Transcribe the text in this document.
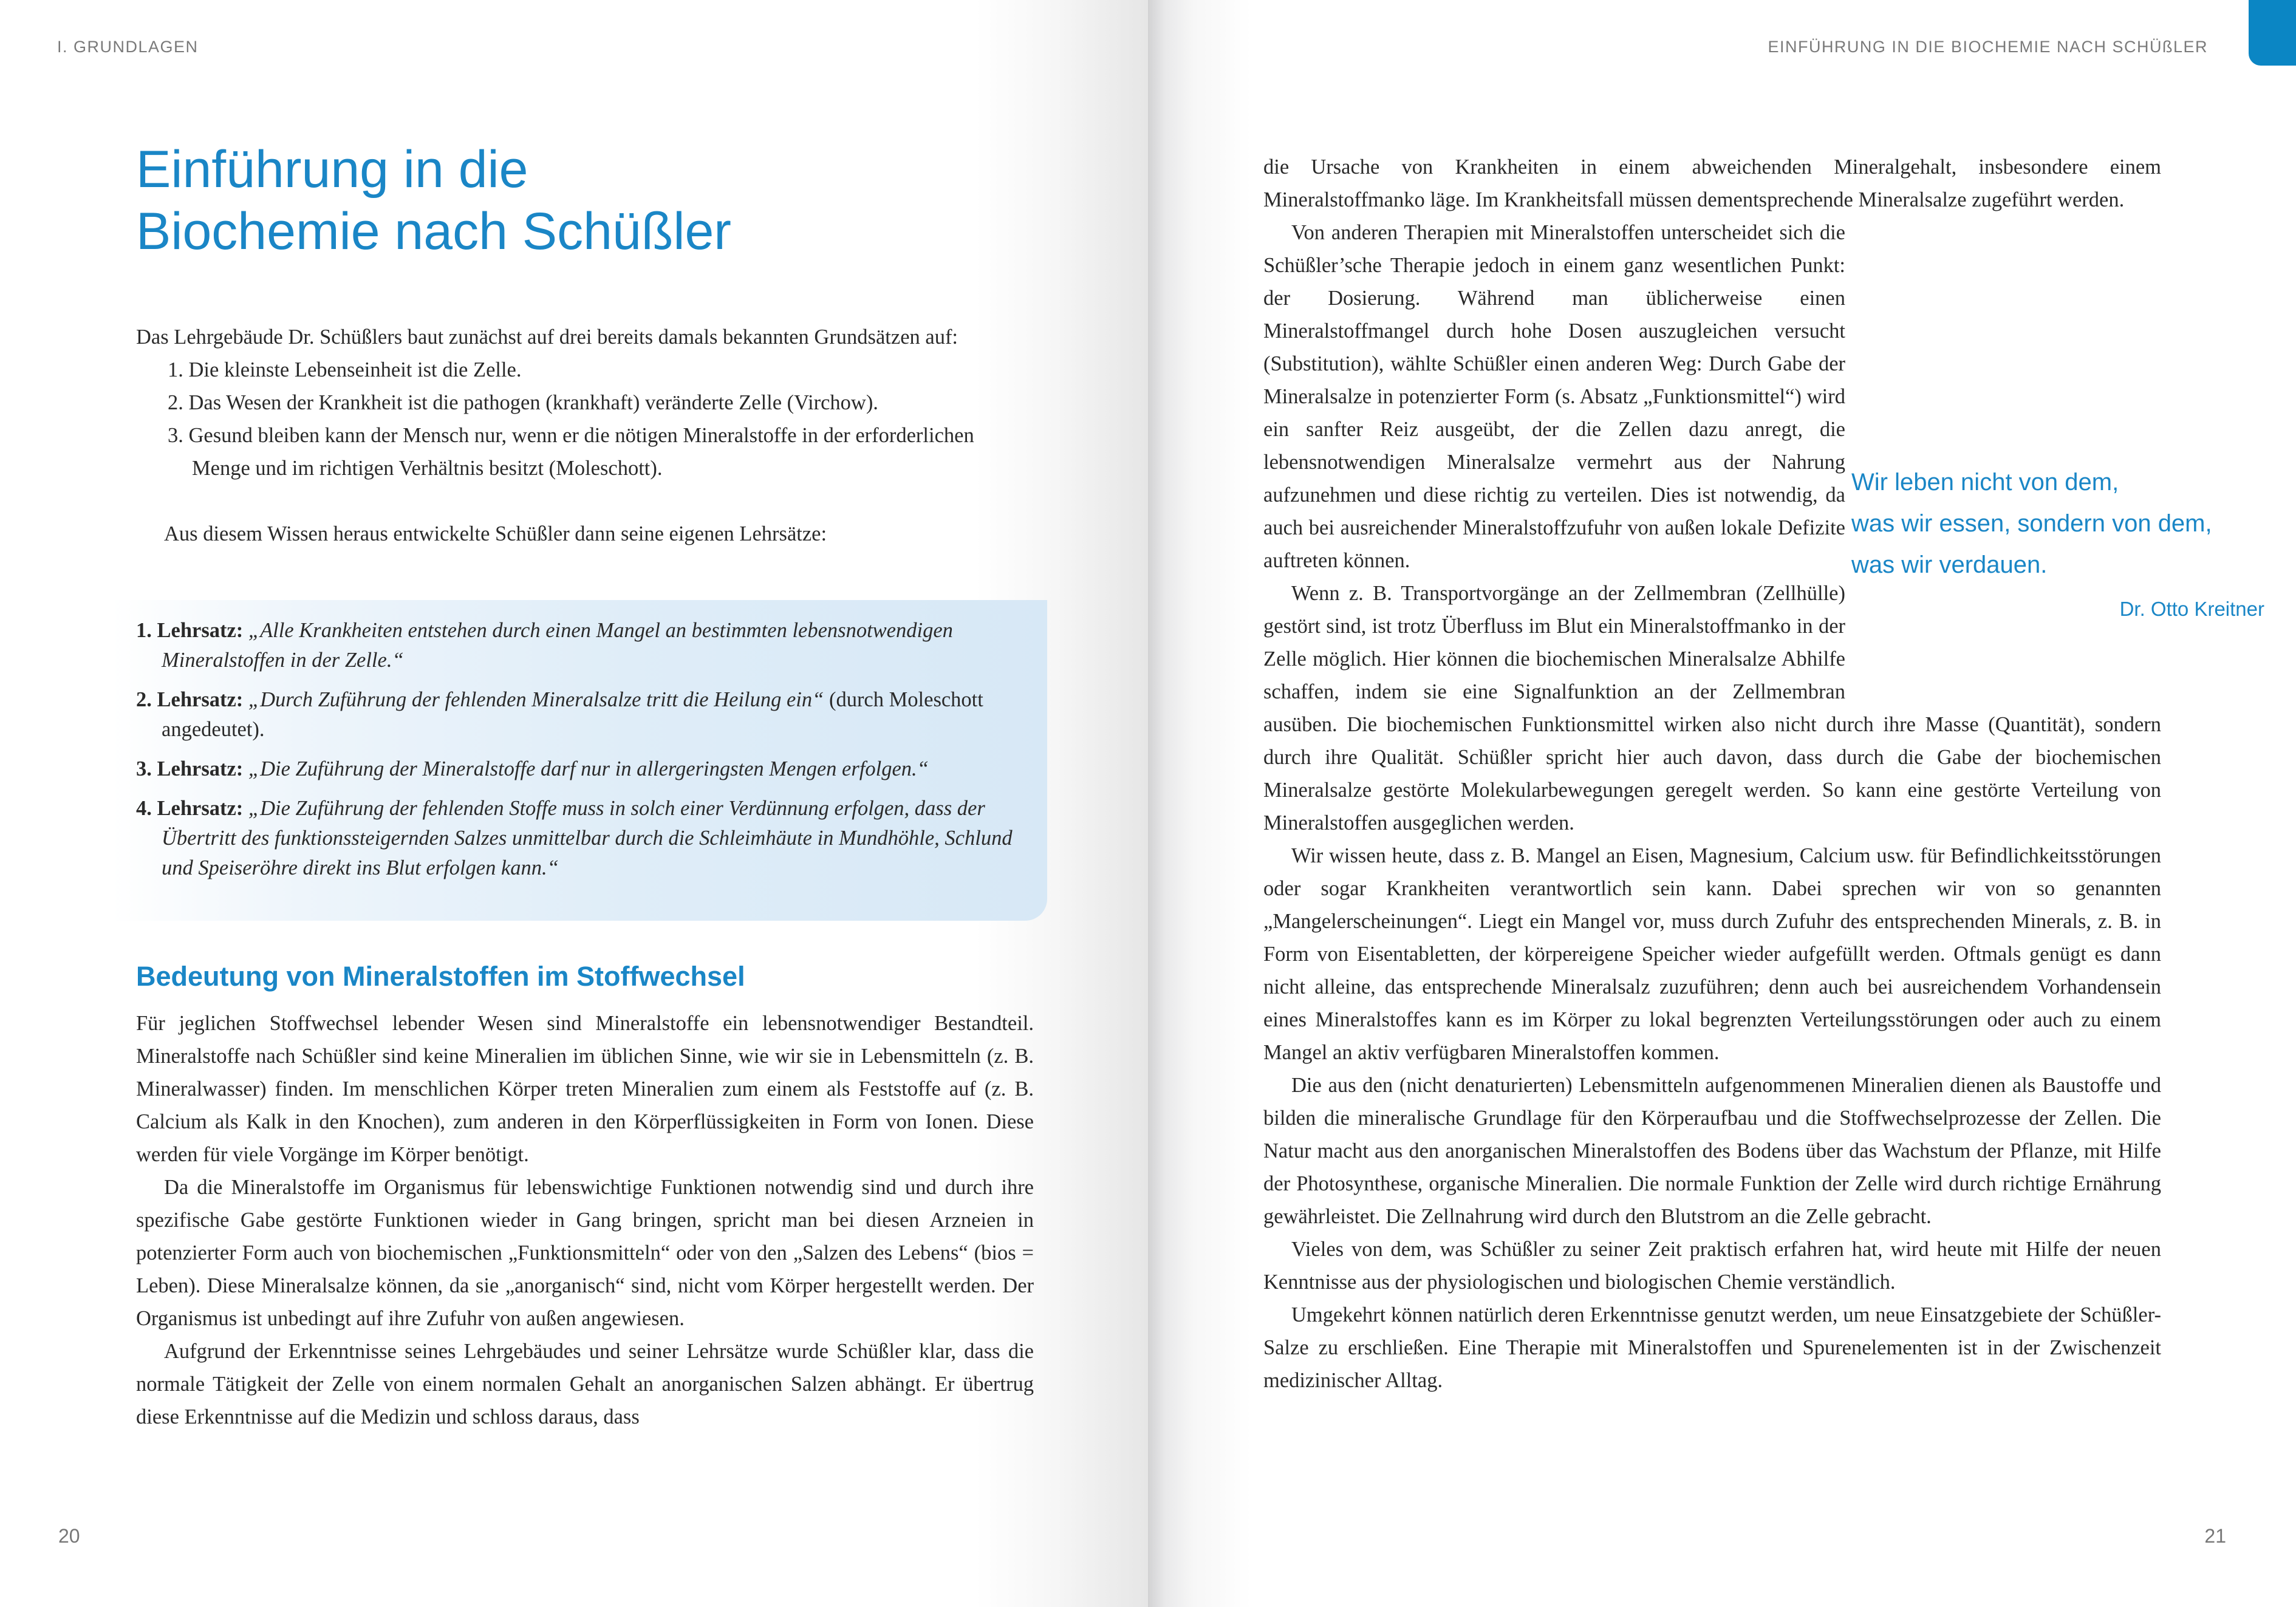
I. GRUNDLAGEN
Einführung in die
Biochemie nach Schüßler

Das Lehrgebäude Dr. Schüßlers baut zunächst auf drei bereits damals bekannten Grundsätzen auf:

1. Die kleinste Lebenseinheit ist die Zelle.
2. Das Wesen der Krankheit ist die pathogen (krankhaft) veränderte Zelle (Virchow).
3. Gesund bleiben kann der Mensch nur, wenn er die nötigen Mineralstoffe in der erforderlichen Menge und im richtigen Verhältnis besitzt (Moleschott).

Aus diesem Wissen heraus entwickelte Schüßler dann seine eigenen Lehrsätze:

1. Lehrsatz: „Alle Krankheiten entstehen durch einen Mangel an bestimmten lebensnotwendigen Mineralstoffen in der Zelle.“
2. Lehrsatz: „Durch Zuführung der fehlenden Mineralsalze tritt die Heilung ein“ (durch Moleschott angedeutet).
3. Lehrsatz: „Die Zuführung der Mineralstoffe darf nur in allergeringsten Mengen erfolgen.“
4. Lehrsatz: „Die Zuführung der fehlenden Stoffe muss in solch einer Verdünnung erfolgen, dass der Übertritt des funktionssteigernden Salzes unmittelbar durch die Schleimhäute in Mundhöhle, Schlund und Speiseröhre direkt ins Blut erfolgen kann.“
Bedeutung von Mineralstoffen im Stoffwechsel

Für jeglichen Stoffwechsel lebender Wesen sind Mineralstoffe ein lebensnotwendiger Bestandteil. Mineralstoffe nach Schüßler sind keine Mineralien im üblichen Sinne, wie wir sie in Lebensmitteln (z. B. Mineralwasser) finden. Im menschlichen Körper treten Mineralien zum einem als Feststoffe auf (z. B. Calcium als Kalk in den Knochen), zum anderen in den Körperflüssigkeiten in Form von Ionen. Diese werden für viele Vorgänge im Körper benötigt.

Da die Mineralstoffe im Organismus für lebenswichtige Funktionen notwendig sind und durch ihre spezifische Gabe gestörte Funktionen wieder in Gang bringen, spricht man bei diesen Arzneien in potenzierter Form auch von biochemischen „Funktionsmitteln“ oder von den „Salzen des Lebens“ (bios = Leben). Diese Mineralsalze können, da sie „anorganisch“ sind, nicht vom Körper hergestellt werden. Der Organismus ist unbedingt auf ihre Zufuhr von außen angewiesen.

Aufgrund der Erkenntnisse seines Lehrgebäudes und seiner Lehrsätze wurde Schüßler klar, dass die normale Tätigkeit der Zelle von einem normalen Gehalt an anorganischen Salzen abhängt. Er übertrug diese Erkenntnisse auf die Medizin und schloss daraus, dass

20
EINFÜHRUNG IN DIE BIOCHEMIE NACH SCHÜßLER
21

die Ursache von Krankheiten in einem abweichenden Mineralgehalt, insbesondere einem Mineralstoffmanko läge. Im Krankheitsfall müssen dementsprechende Mineralsalze zugeführt werden.

Von anderen Therapien mit Mineralstoffen unterscheidet sich die Schüßler’sche Therapie jedoch in einem ganz wesentlichen Punkt: der Dosierung. Während man üblicherweise einen Mineralstoffmangel durch hohe Dosen auszugleichen versucht (Substitution), wählte Schüßler einen anderen Weg: Durch Gabe der Mineralsalze in potenzierter Form (s. Absatz „Funktionsmittel“) wird ein sanfter Reiz ausgeübt, der die Zellen dazu anregt, die lebensnotwendigen Mineralsalze vermehrt aus der Nahrung aufzunehmen und diese richtig zu verteilen. Dies ist notwendig, da auch bei ausreichender Mineralstoffzufuhr von außen lokale Defizite auftreten können.

Wenn z. B. Transportvorgänge an der Zellmembran (Zellhülle) gestört sind, ist trotz Überfluss im Blut ein Mineralstoffmanko in der Zelle möglich. Hier können die biochemischen Mineralsalze Abhilfe schaffen, indem sie eine Signalfunktion an der Zellmembran ausüben. Die biochemischen Funktionsmittel wirken also nicht durch ihre Masse (Quantität), sondern durch ihre Qualität. Schüßler spricht hier auch davon, dass durch die Gabe der biochemischen Mineralsalze gestörte Molekularbewegungen geregelt werden. So kann eine gestörte Verteilung von Mineralstoffen ausgeglichen werden.

Wir wissen heute, dass z. B. Mangel an Eisen, Magnesium, Calcium usw. für Befindlichkeitsstörungen oder sogar Krankheiten verantwortlich sein kann. Dabei sprechen wir von so genannten „Mangelerscheinungen“. Liegt ein Mangel vor, muss durch Zufuhr des entsprechenden Minerals, z. B. in Form von Eisentabletten, der körpereigene Speicher wieder aufgefüllt werden. Oftmals genügt es dann nicht alleine, das entsprechende Mineralsalz zuzuführen; denn auch bei ausreichendem Vorhandensein eines Mineralstoffes kann es im Körper zu lokal begrenzten Verteilungsstörungen oder auch zu einem Mangel an aktiv verfügbaren Mineralstoffen kommen.

Die aus den (nicht denaturierten) Lebensmitteln aufgenommenen Mineralien dienen als Baustoffe und bilden die mineralische Grundlage für den Körperaufbau und die Stoffwechselprozesse der Zellen. Die Natur macht aus den anorganischen Mineralstoffen des Bodens über das Wachstum der Pflanze, mit Hilfe der Photosynthese, organische Mineralien. Die normale Funktion der Zelle wird durch richtige Ernährung gewährleistet. Die Zellnahrung wird durch den Blutstrom an die Zelle gebracht.

Vieles von dem, was Schüßler zu seiner Zeit praktisch erfahren hat, wird heute mit Hilfe der neuen Kenntnisse aus der physiologischen und biologischen Chemie verständlich.

Umgekehrt können natürlich deren Erkenntnisse genutzt werden, um neue Einsatzgebiete der Schüßler-Salze zu erschließen. Eine Therapie mit Mineralstoffen und Spurenelementen ist in der Zwischenzeit medizinischer Alltag.

Wir leben nicht von dem,
was wir essen, sondern von dem,
was wir verdauen.

Dr. Otto Kreitner
